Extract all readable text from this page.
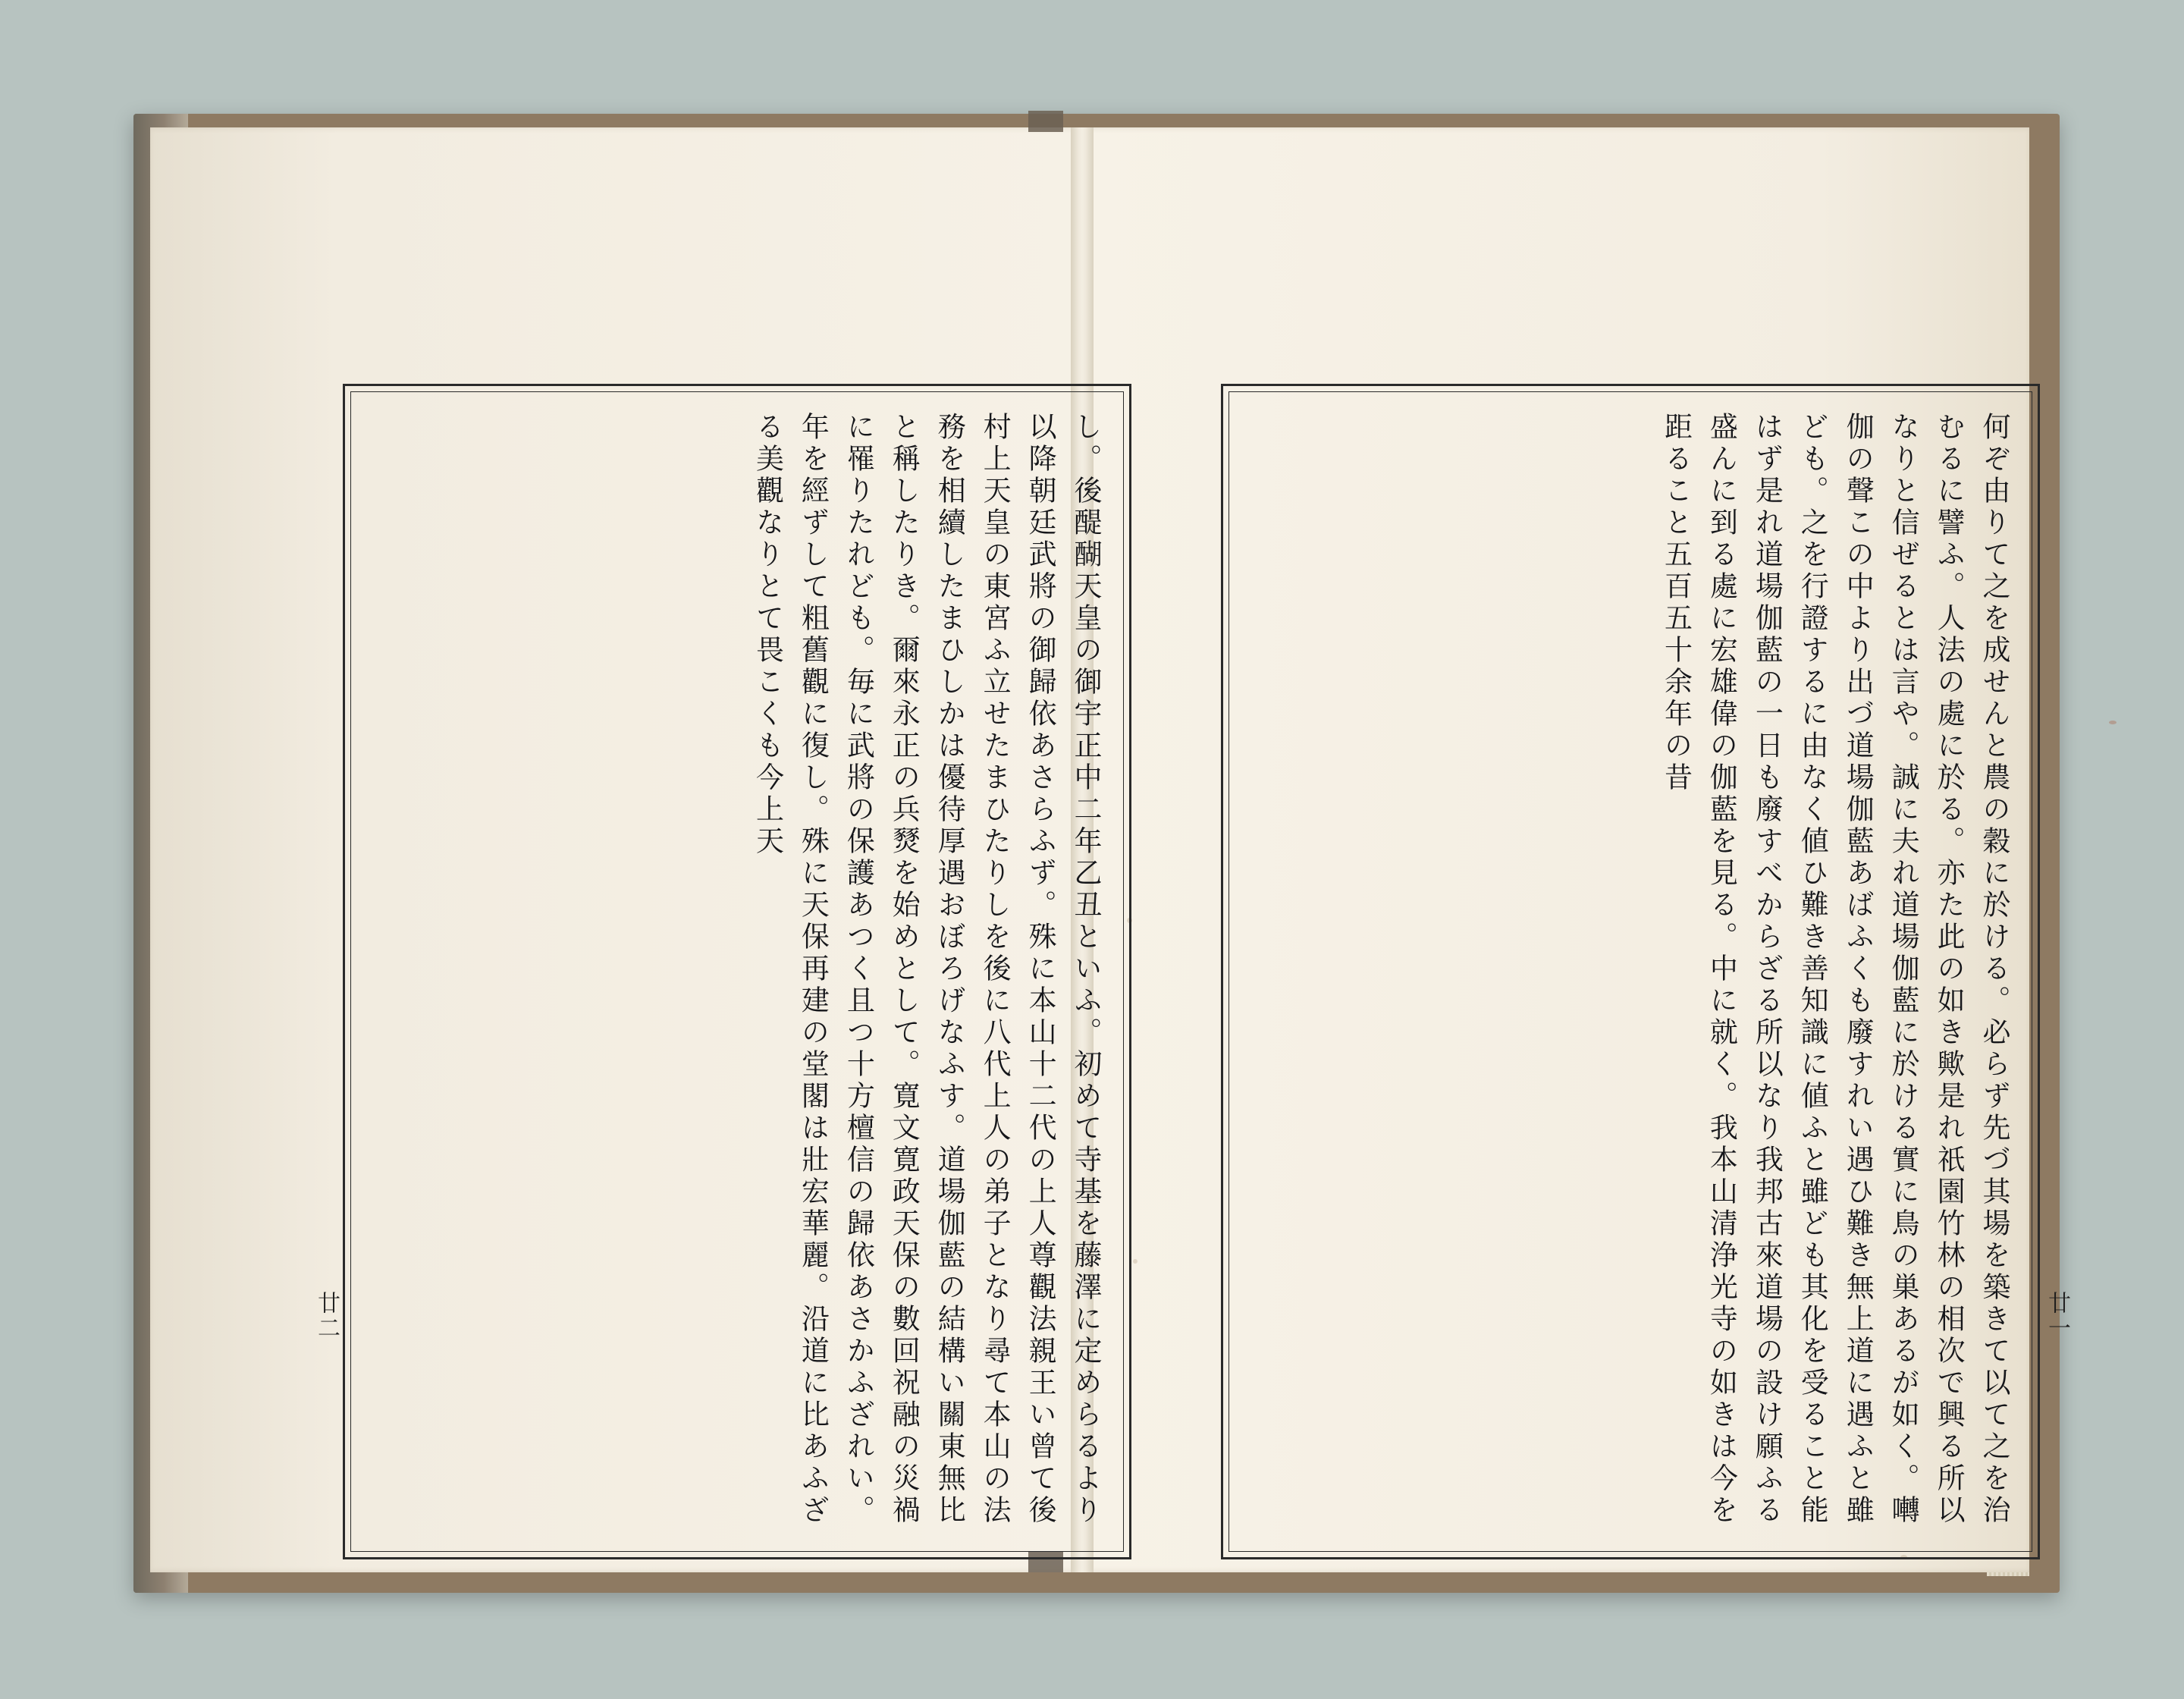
何ぞ由りて之を成せんと農の穀に於ける。必らず先づ其場を築きて以て之を治むるに譬ふ。人法の處に於る。亦た此の如き歟是れ祇園竹林の相次で興る所以なりと信ぜるとは言や。誠に夫れ道場伽藍に於ける實に鳥の巣あるが如く。囀伽の聲この中より出づ道場伽藍あばふくも廢すれい遇ひ難き無上道に遇ふと雖ども。之を行證するに由なく値ひ難き善知識に値ふと雖ども其化を受ること能はず是れ道場伽藍の一日も廢すべからざる所以なり我邦古來道場の設け願ふる盛んに到る處に宏雄偉の伽藍を見る。中に就く。我本山清浄光寺の如きは今を距ること五百五十余年の昔
し。後醍醐天皇の御宇正中二年乙丑といふ。初めて寺基を藤澤に定めらるより以降朝廷武將の御歸依あさらふず。殊に本山十二代の上人尊觀法親王い曾て後村上天皇の東宮ふ立せたまひたりしを後に八代上人の弟子となり尋て本山の法務を相續したまひしかは優待厚遇おぼろげなふす。道場伽藍の結構い關東無比と稱したりき。爾來永正の兵燹を始めとして。寛文寛政天保の數回祝融の災禍に罹りたれども。毎に武將の保護あつく且つ十方檀信の歸依あさかふざれい。年を經ずして粗舊觀に復し。殊に天保再建の堂閣は壯宏華麗。沿道に比あふざる美觀なりとて畏こくも今上天
廿一
廿二
